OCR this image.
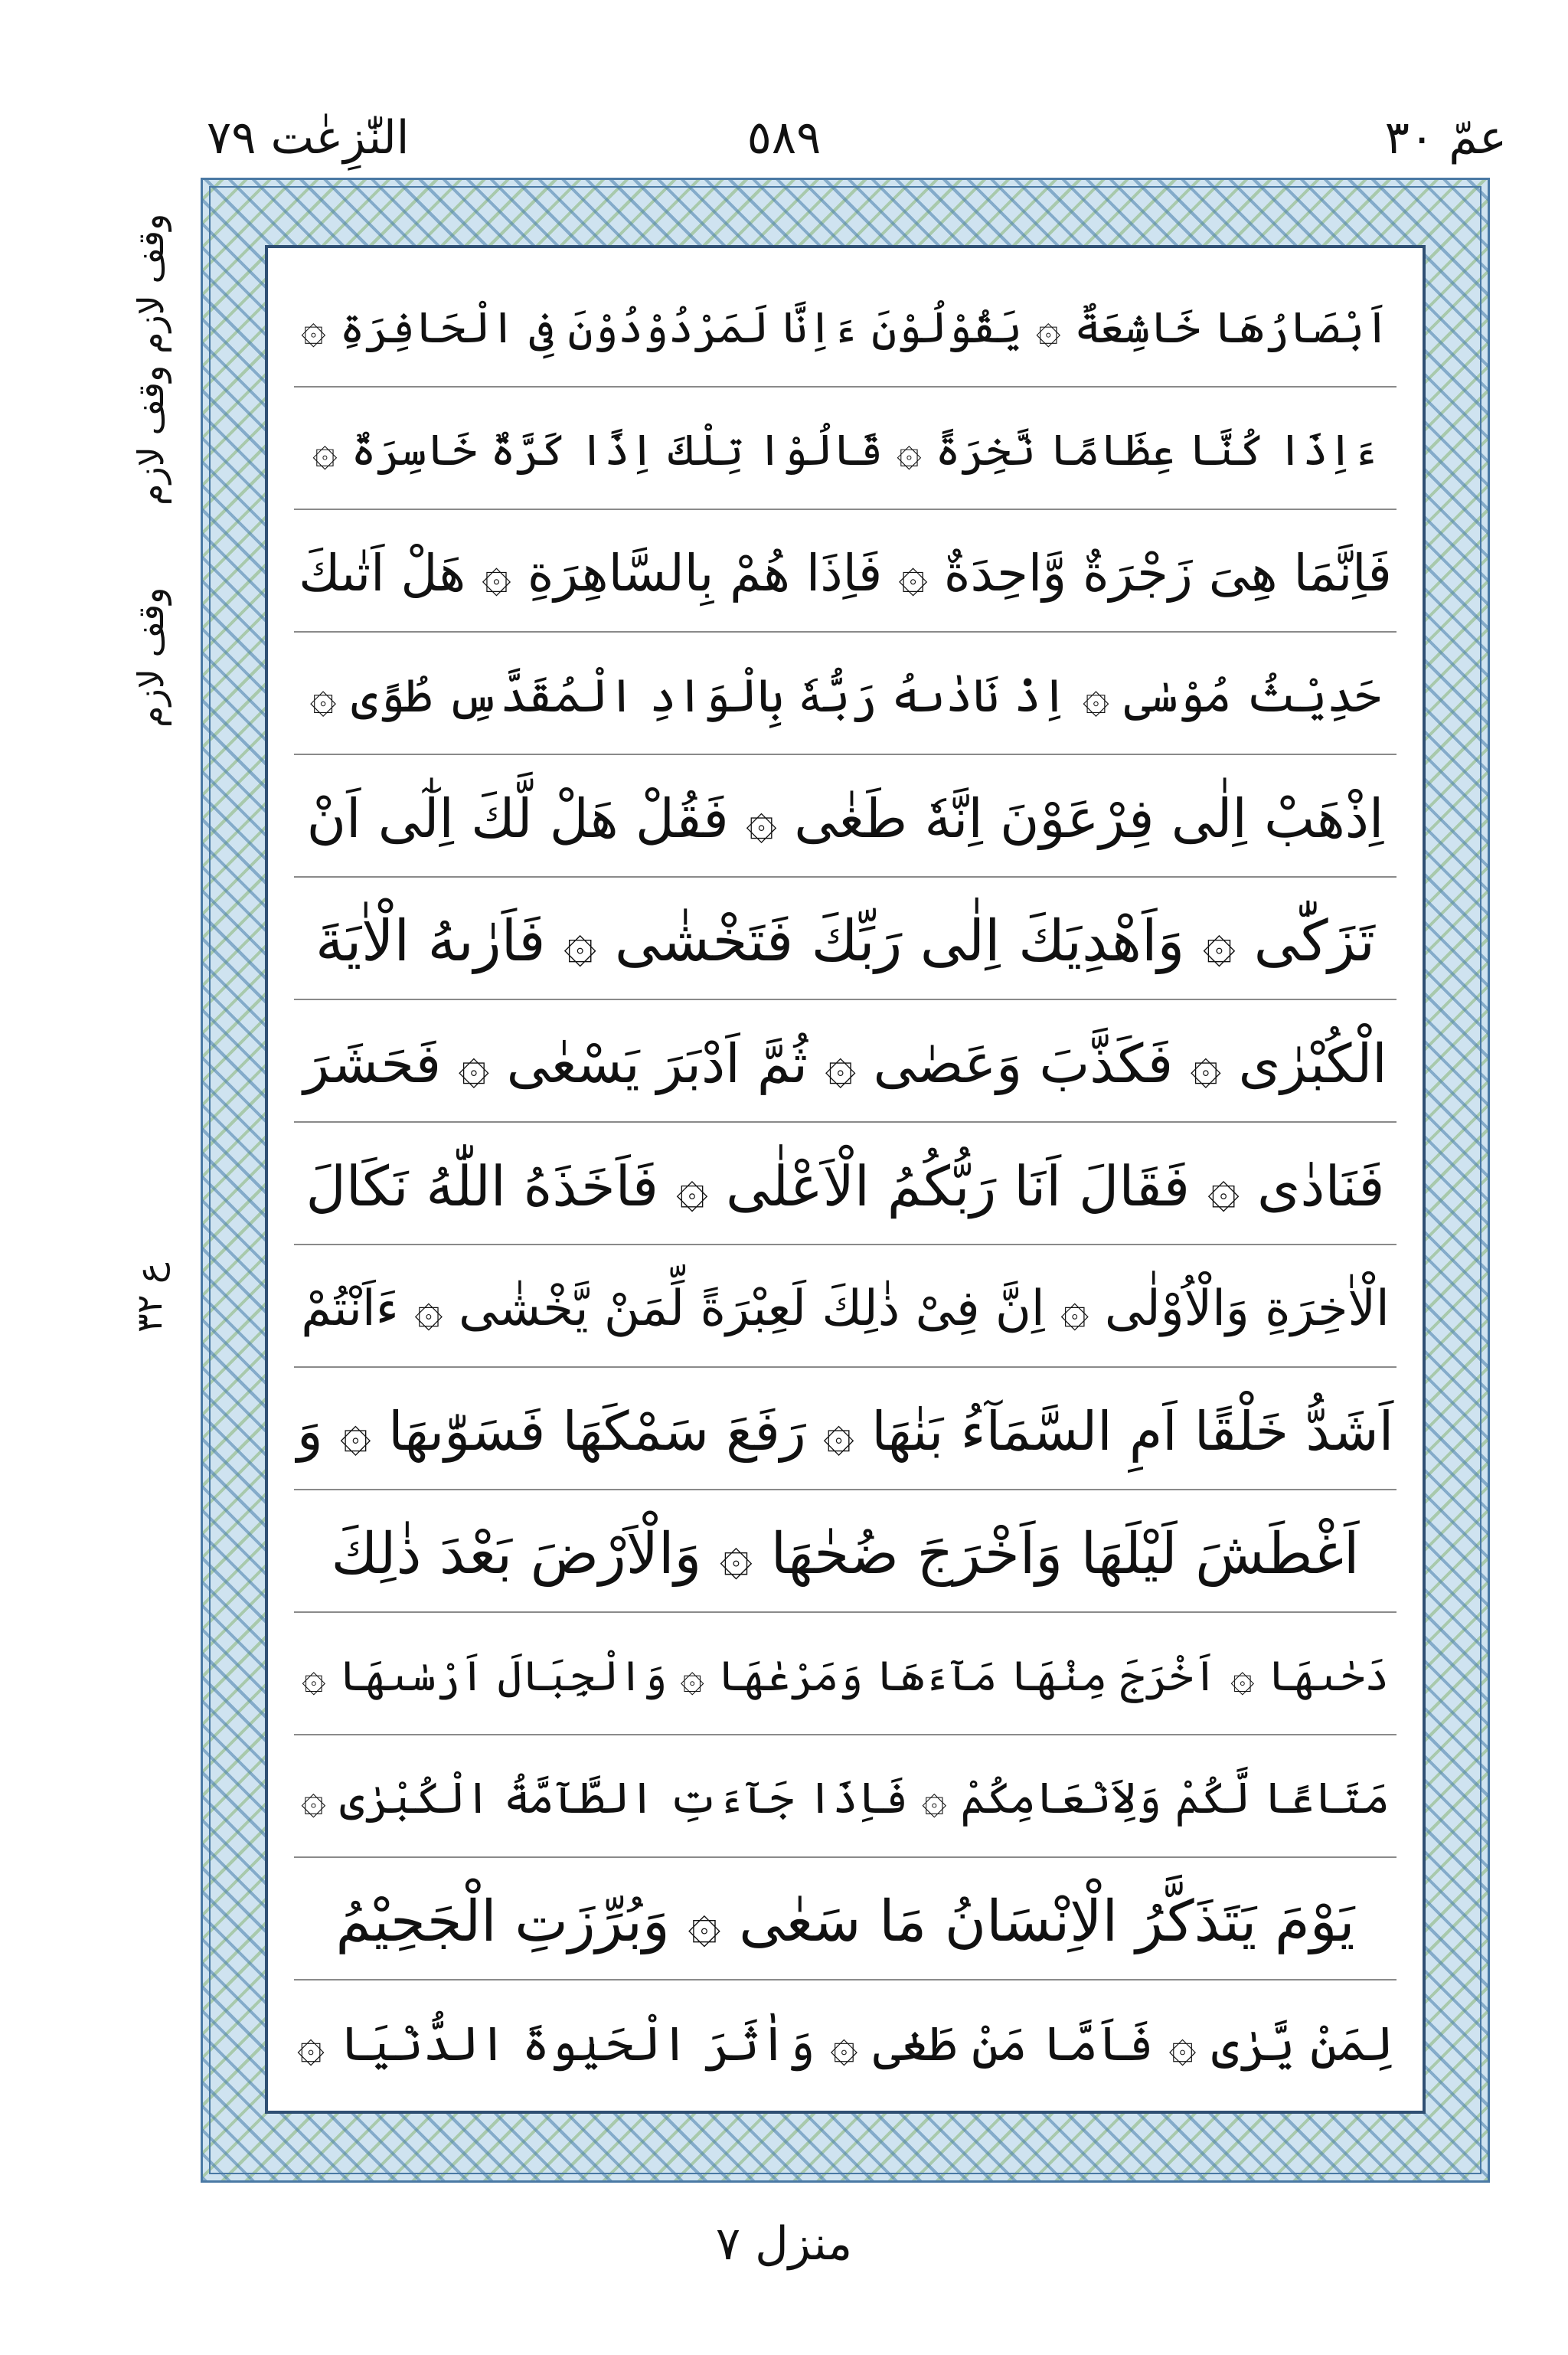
النّٰزِعٰت ٧٩	٥٨٩	عمّ ٣٠
وقف لازم وقف لازم
وقف لازم
ع ٣٢
اَبْصَارُهَا خَاشِعَةٌ ۞ يَقُوْلُوْنَ ءَاِنَّا لَمَرْدُوْدُوْنَ فِى الْحَافِرَةِ ۞
ءَاِذَا كُنَّا عِظَامًا نَّخِرَةً ۞ قَالُوْا تِلْكَ اِذًا كَرَّةٌ خَاسِرَةٌ ۞
فَاِنَّمَا هِىَ زَجْرَةٌ وَّاحِدَةٌ ۞ فَاِذَا هُمْ بِالسَّاهِرَةِ ۞ هَلْ اَتٰىكَ
حَدِيْثُ مُوْسٰى ۞ اِذْ نَادٰىهُ رَبُّهٗ بِالْوَادِ الْمُقَدَّسِ طُوًى ۞
اِذْهَبْ اِلٰى فِرْعَوْنَ اِنَّهٗ طَغٰى ۞ فَقُلْ هَلْ لَّكَ اِلٰٓى اَنْ
تَزَكّٰى ۞ وَاَهْدِيَكَ اِلٰى رَبِّكَ فَتَخْشٰى ۞ فَاَرٰىهُ الْاٰيَةَ
الْكُبْرٰى ۞ فَكَذَّبَ وَعَصٰى ۞ ثُمَّ اَدْبَرَ يَسْعٰى ۞ فَحَشَرَ
فَنَادٰى ۞ فَقَالَ اَنَا رَبُّكُمُ الْاَعْلٰى ۞ فَاَخَذَهُ اللّٰهُ نَكَالَ
الْاٰخِرَةِ وَالْاُوْلٰى ۞ اِنَّ فِىْ ذٰلِكَ لَعِبْرَةً لِّمَنْ يَّخْشٰى ۞ ءَاَنْتُمْ
اَشَدُّ خَلْقًا اَمِ السَّمَآءُ بَنٰهَا ۞ رَفَعَ سَمْكَهَا فَسَوّٰىهَا ۞ وَ
اَغْطَشَ لَيْلَهَا وَاَخْرَجَ ضُحٰهَا ۞ وَالْاَرْضَ بَعْدَ ذٰلِكَ
دَحٰىهَا ۞ اَخْرَجَ مِنْهَا مَآءَهَا وَمَرْعٰهَا ۞ وَالْجِبَالَ اَرْسٰىهَا ۞
مَتَاعًا لَّكُمْ وَلِاَنْعَامِكُمْ ۞ فَاِذَا جَآءَتِ الطَّآمَّةُ الْكُبْرٰى ۞
يَوْمَ يَتَذَكَّرُ الْاِنْسَانُ مَا سَعٰى ۞ وَبُرِّزَتِ الْجَحِيْمُ
لِمَنْ يَّرٰى ۞ فَاَمَّا مَنْ طَغٰى ۞ وَاٰثَرَ الْحَيٰوةَ الدُّنْيَا ۞
منزل ٧
